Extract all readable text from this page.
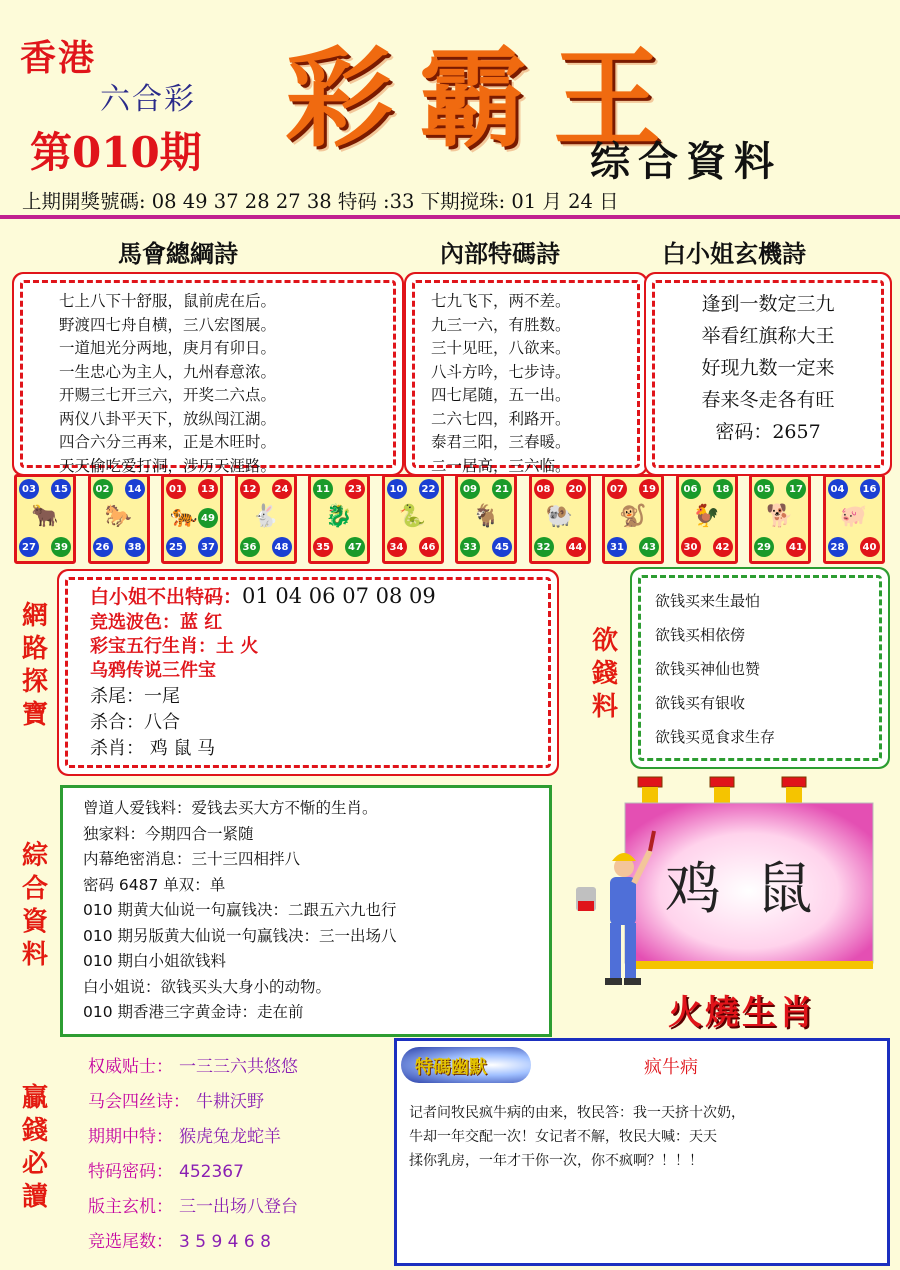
香港
六合彩
第010期 彩霸王
综合資料
上期開獎號碼: 08 49 37 28 27 38 特码 :33 下期搅珠: 01 月 24 日
馬會總綱詩	內部特碼詩	白小姐玄機詩
七上八下十舒服，鼠前虎在后。
野渡四七舟自横，三八宏图展。
一道旭光分两地，庚月有卯日。
一生忠心为主人，九州春意浓。
开赐三七开三六，开奖二六点。
两仪八卦平天下，放纵闯江湖。
四合六分三再来，正是木旺时。
天天偷吃爱打洞，涉历天涯路。
七九飞下，两不差。
九三一六，有胜数。
三十见旺，八欲来。
八斗方吟，七步诗。
四七尾随，五一出。
二六七四，利路开。
泰君三阳，三春暖。
二一居高，三六临。
逢到一数定三九
举看红旗称大王
好现九数一定来
春来冬走各有旺
密码：2657
03	15
27	39
🐂
02	14
26	38
🐎
01	13
25	37
49
🐅
12	24
36	48
🐇
11	23
35	47
🐉
10	22
34	46
🐍
09	21
33	45
🐐
08	20
32	44
🐏
07	19
31	43
🐒
06	18
30	42
🐓
05	17
29	41
🐕
04	16
28	40
🐖
網
路
探
寶
白小姐不出特码：01 04 06 07 08 09
竞选波色：蓝 红
彩宝五行生肖：土 火
乌鸦传说三件宝
杀尾：一尾
杀合：八合
杀肖： 鸡 鼠 马
欲
錢
料
欲钱买来生最怕
欲钱买相依傍
欲钱买神仙也赞
欲钱买有银收
欲钱买觅食求生存
綜
合
資
料
曾道人爱钱料：爱钱去买大方不惭的生肖。
独家料：今期四合一紧随
内幕绝密消息：三十三四相拌八
密码 6487 单双：单
010 期黄大仙说一句赢钱决：二跟五六九也行
010 期另版黄大仙说一句赢钱决：三一出场八
010 期白小姐欲钱料
白小姐说：欲钱买头大身小的动物。
010 期香港三字黄金诗：走在前
鸡  鼠
火燒生肖
贏
錢
必
讀
权威贴士： 一三三六共悠悠
马会四丝诗： 牛耕沃野
期期中特： 猴虎兔龙蛇羊
特码密码： 452367
版主玄机： 三一出场八登台
竞选尾数： 3 5 9 4 6 8
特碼幽默	疯牛病
记者问牧民疯牛病的由来，牧民答：我一天挤十次奶，
牛却一年交配一次！女记者不解，牧民大喊：天天
揉你乳房，一年才干你一次，你不疯啊？！！！
